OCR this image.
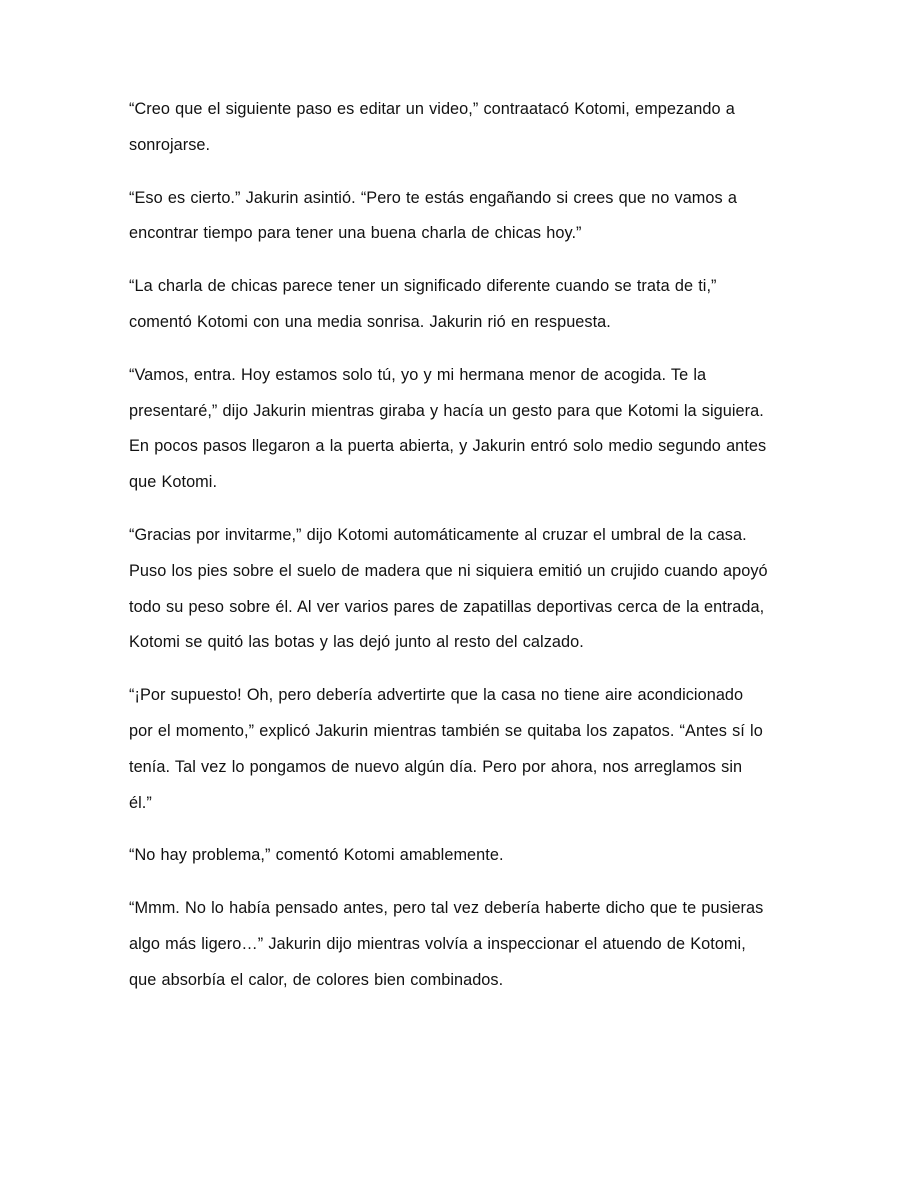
“Creo que el siguiente paso es editar un video,” contraatacó Kotomi, empezando a
sonrojarse.

“Eso es cierto.” Jakurin asintió. “Pero te estás engañando si crees que no vamos a
encontrar tiempo para tener una buena charla de chicas hoy.”

“La charla de chicas parece tener un significado diferente cuando se trata de ti,”
comentó Kotomi con una media sonrisa. Jakurin rió en respuesta.

“Vamos, entra. Hoy estamos solo tú, yo y mi hermana menor de acogida. Te la
presentaré,” dijo Jakurin mientras giraba y hacía un gesto para que Kotomi la siguiera.
En pocos pasos llegaron a la puerta abierta, y Jakurin entró solo medio segundo antes
que Kotomi.

“Gracias por invitarme,” dijo Kotomi automáticamente al cruzar el umbral de la casa.
Puso los pies sobre el suelo de madera que ni siquiera emitió un crujido cuando apoyó
todo su peso sobre él. Al ver varios pares de zapatillas deportivas cerca de la entrada,
Kotomi se quitó las botas y las dejó junto al resto del calzado.

“¡Por supuesto! Oh, pero debería advertirte que la casa no tiene aire acondicionado
por el momento,” explicó Jakurin mientras también se quitaba los zapatos. “Antes sí lo
tenía. Tal vez lo pongamos de nuevo algún día. Pero por ahora, nos arreglamos sin
él.”

“No hay problema,” comentó Kotomi amablemente.

“Mmm. No lo había pensado antes, pero tal vez debería haberte dicho que te pusieras
algo más ligero…” Jakurin dijo mientras volvía a inspeccionar el atuendo de Kotomi,
que absorbía el calor, de colores bien combinados.
